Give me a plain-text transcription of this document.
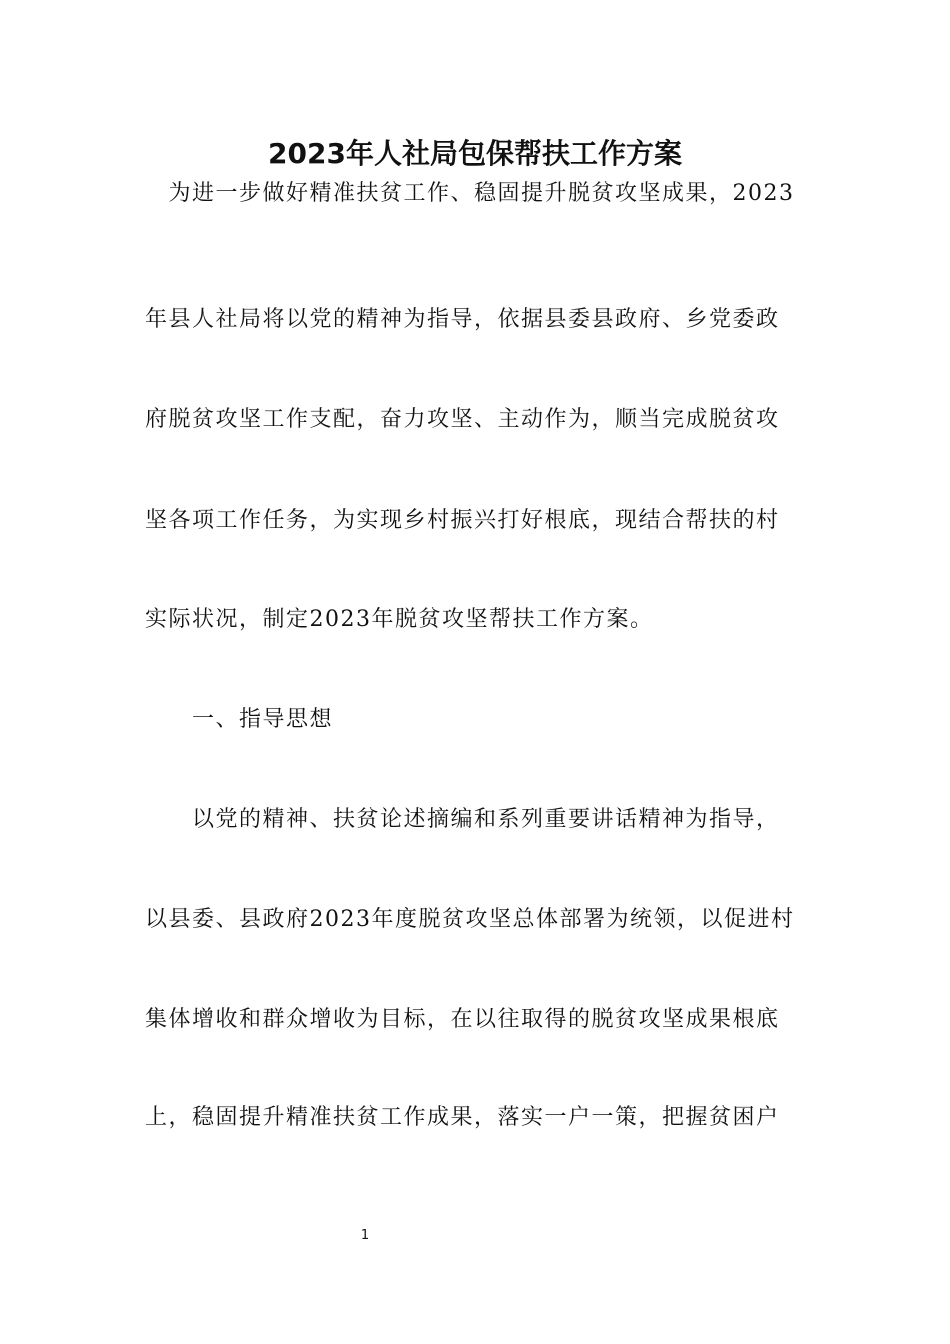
2023年人社局包保帮扶工作方案
　为进一步做好精准扶贫工作、稳固提升脱贫攻坚成果，2023
年县人社局将以党的精神为指导，依据县委县政府、乡党委政
府脱贫攻坚工作支配，奋力攻坚、主动作为，顺当完成脱贫攻
坚各项工作任务，为实现乡村振兴打好根底，现结合帮扶的村
实际状况，制定2023年脱贫攻坚帮扶工作方案。
　　一、指导思想
　　以党的精神、扶贫论述摘编和系列重要讲话精神为指导，
以县委、县政府2023年度脱贫攻坚总体部署为统领，以促进村
集体增收和群众增收为目标，在以往取得的脱贫攻坚成果根底
上，稳固提升精准扶贫工作成果，落实一户一策，把握贫困户
1
